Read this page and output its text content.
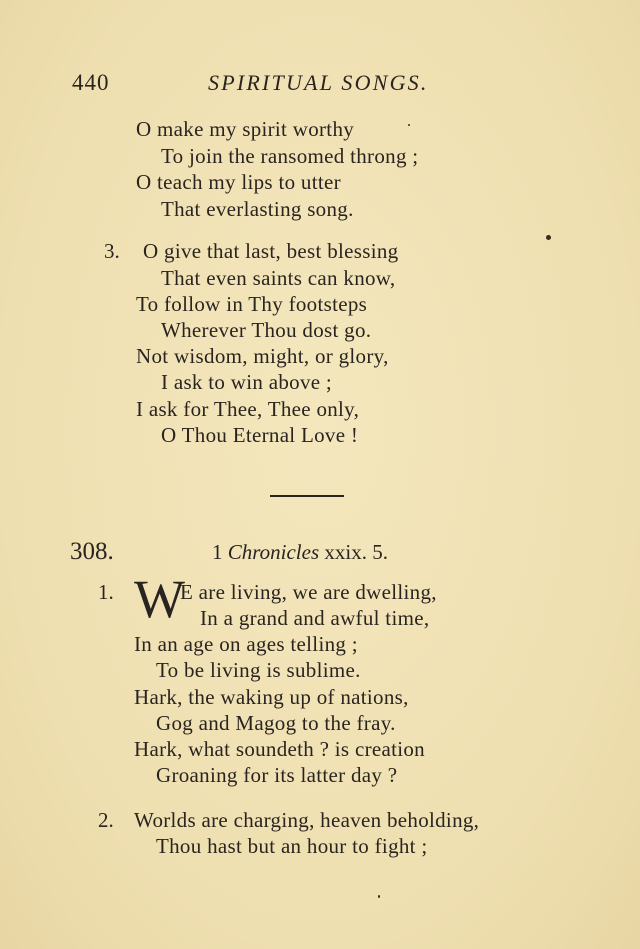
440	SPIRITUAL SONGS.
O make my spirit worthy
To join the ransomed throng ;
O teach my lips to utter
That everlasting song.
3. O give that last, best blessing
That even saints can know,
To follow in Thy footsteps
Wherever Thou dost go.
Not wisdom, might, or glory,
I ask to win above ;
I ask for Thee, Thee only,
O Thou Eternal Love !
308.	1 Chronicles xxix. 5.
1. W
E are living, we are dwelling,
In a grand and awful time,
In an age on ages telling ;
To be living is sublime.
Hark, the waking up of nations,
Gog and Magog to the fray.
Hark, what soundeth ? is creation
Groaning for its latter day ?
2. Worlds are charging, heaven beholding,
Thou hast but an hour to fight ;
